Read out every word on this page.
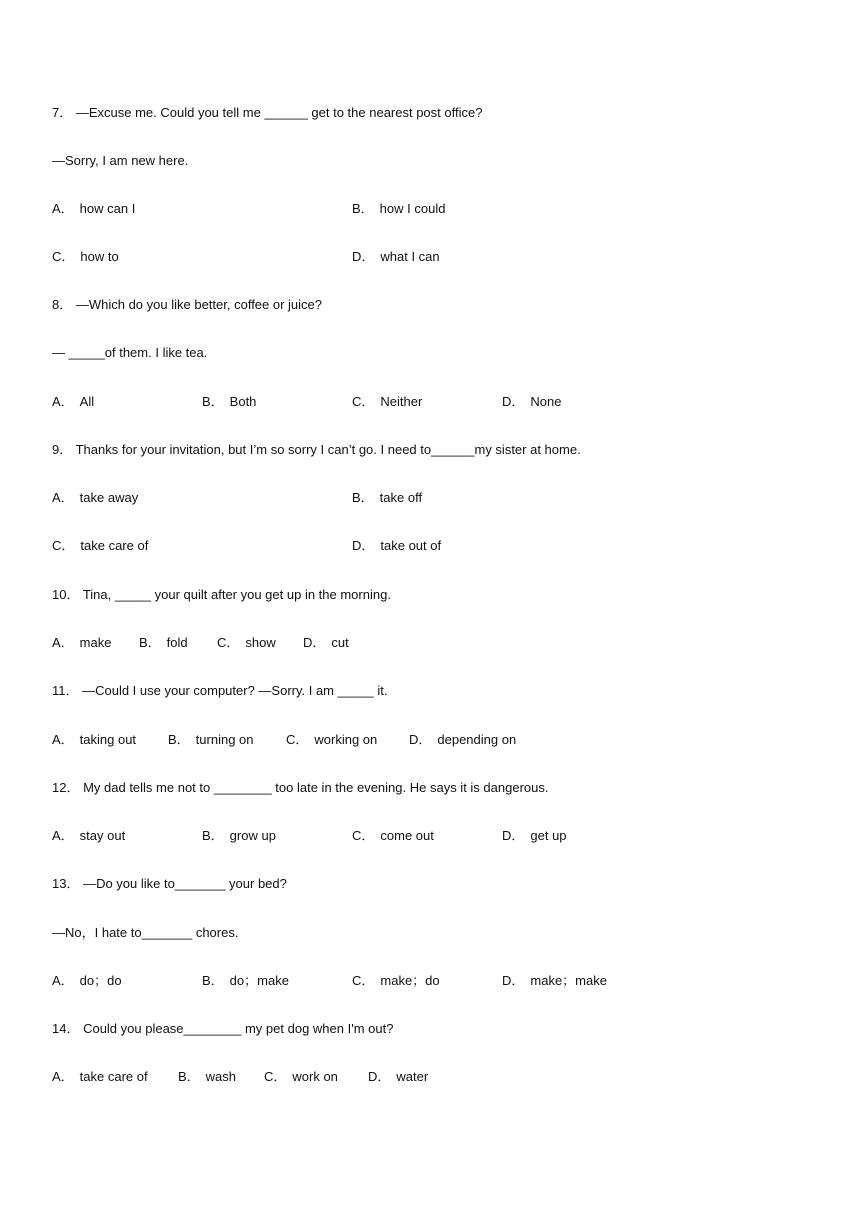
7． —Excuse me. Could you tell me ______ get to the nearest post office?
—Sorry, I am new here.
A． how can I	B． how I could
C． how to	D． what I can
8． —Which do you like better, coffee or juice?
— _____of them. I like tea.
A． All	B． Both	C． Neither	D． None
9． Thanks for your invitation, but I’m so sorry I can’t go. I need to______my sister at home.
A． take away	B． take off
C． take care of	D． take out of
10． Tina, _____ your quilt after you get up in the morning.
A． make B． fold C． show D． cut
11． —Could I use your computer? —Sorry. I am _____ it.
A． taking out B． turning on	C． working on D． depending on
12． My dad tells me not to ________ too late in the evening. He says it is dangerous.
A． stay out	B． grow up	C． come out	D． get up
13． —Do you like to_______ your bed?
—No，I hate to_______ chores.
A． do；do	B． do；make	C． make；do	D． make；make
14． Could you please________ my pet dog when I'm out?
A． take care of B． wash C． work on D． water
